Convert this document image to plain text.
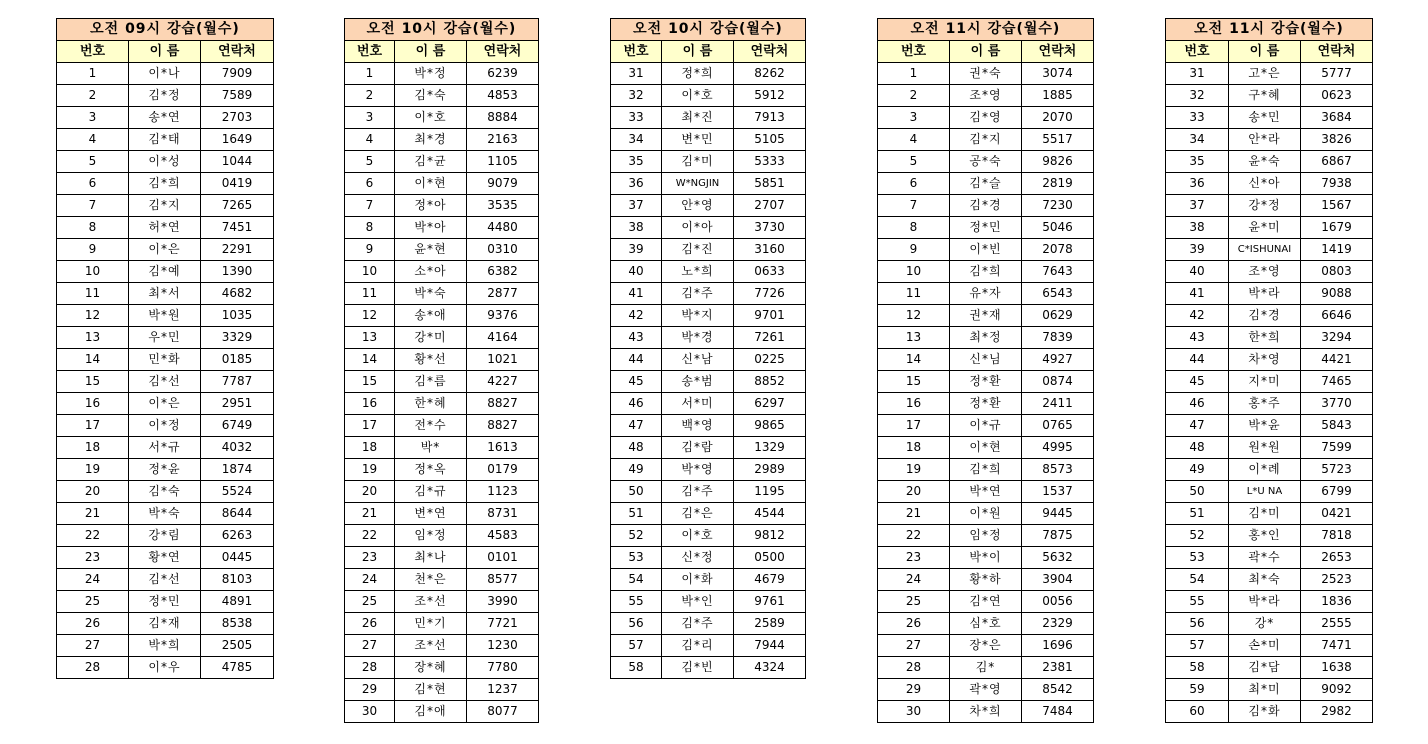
오전 09시 강습(월수)		
번호	이 름	연락처
1	이*나	7909
2	김*정	7589
3	송*연	2703
4	김*태	1649
5	이*성	1044
6	김*희	0419
7	김*지	7265
8	허*연	7451
9	이*은	2291
10	김*예	1390
11	최*서	4682
12	박*원	1035
13	우*민	3329
14	민*화	0185
15	김*선	7787
16	이*은	2951
17	이*정	6749
18	서*규	4032
19	정*윤	1874
20	김*숙	5524
21	박*숙	8644
22	강*림	6263
23	황*연	0445
24	김*선	8103
25	정*민	4891
26	김*재	8538
27	박*희	2505
28	이*우	4785
오전 10시 강습(월수)		
번호	이 름	연락처
1	박*정	6239
2	김*숙	4853
3	이*호	8884
4	최*경	2163
5	김*균	1105
6	이*현	9079
7	정*아	3535
8	박*아	4480
9	윤*현	0310
10	소*아	6382
11	박*숙	2877
12	송*애	9376
13	강*미	4164
14	황*선	1021
15	김*름	4227
16	한*혜	8827
17	전*수	8827
18	박*	1613
19	정*옥	0179
20	김*규	1123
21	변*연	8731
22	임*정	4583
23	최*나	0101
24	천*은	8577
25	조*선	3990
26	민*기	7721
27	조*선	1230
28	장*혜	7780
29	김*현	1237
30	김*애	8077
오전 10시 강습(월수)		
번호	이 름	연락처
31	정*희	8262
32	이*호	5912
33	최*진	7913
34	변*민	5105
35	김*미	5333
36	W*NGJIN	5851
37	안*영	2707
38	이*아	3730
39	김*진	3160
40	노*희	0633
41	김*주	7726
42	박*지	9701
43	박*경	7261
44	신*남	0225
45	송*범	8852
46	서*미	6297
47	백*영	9865
48	김*람	1329
49	박*영	2989
50	김*주	1195
51	김*은	4544
52	이*호	9812
53	신*정	0500
54	이*화	4679
55	박*인	9761
56	김*주	2589
57	김*리	7944
58	김*빈	4324
오전 11시 강습(월수)		
번호	이 름	연락처
1	권*숙	3074
2	조*영	1885
3	김*영	2070
4	김*지	5517
5	공*숙	9826
6	김*슬	2819
7	김*경	7230
8	정*민	5046
9	이*빈	2078
10	김*희	7643
11	유*자	6543
12	권*재	0629
13	최*정	7839
14	신*님	4927
15	정*환	0874
16	정*환	2411
17	이*규	0765
18	이*현	4995
19	김*희	8573
20	박*연	1537
21	이*원	9445
22	임*정	7875
23	박*이	5632
24	황*하	3904
25	김*연	0056
26	심*호	2329
27	장*은	1696
28	김*	2381
29	곽*영	8542
30	차*희	7484
오전 11시 강습(월수)		
번호	이 름	연락처
31	고*은	5777
32	구*혜	0623
33	송*민	3684
34	안*라	3826
35	윤*숙	6867
36	신*아	7938
37	강*정	1567
38	윤*미	1679
39	C*ISHUNAI	1419
40	조*영	0803
41	박*라	9088
42	김*경	6646
43	한*희	3294
44	차*영	4421
45	지*미	7465
46	홍*주	3770
47	박*윤	5843
48	원*원	7599
49	이*례	5723
50	L*U NA	6799
51	김*미	0421
52	홍*인	7818
53	곽*수	2653
54	최*숙	2523
55	박*라	1836
56	강*	2555
57	손*미	7471
58	김*담	1638
59	최*미	9092
60	김*화	2982
